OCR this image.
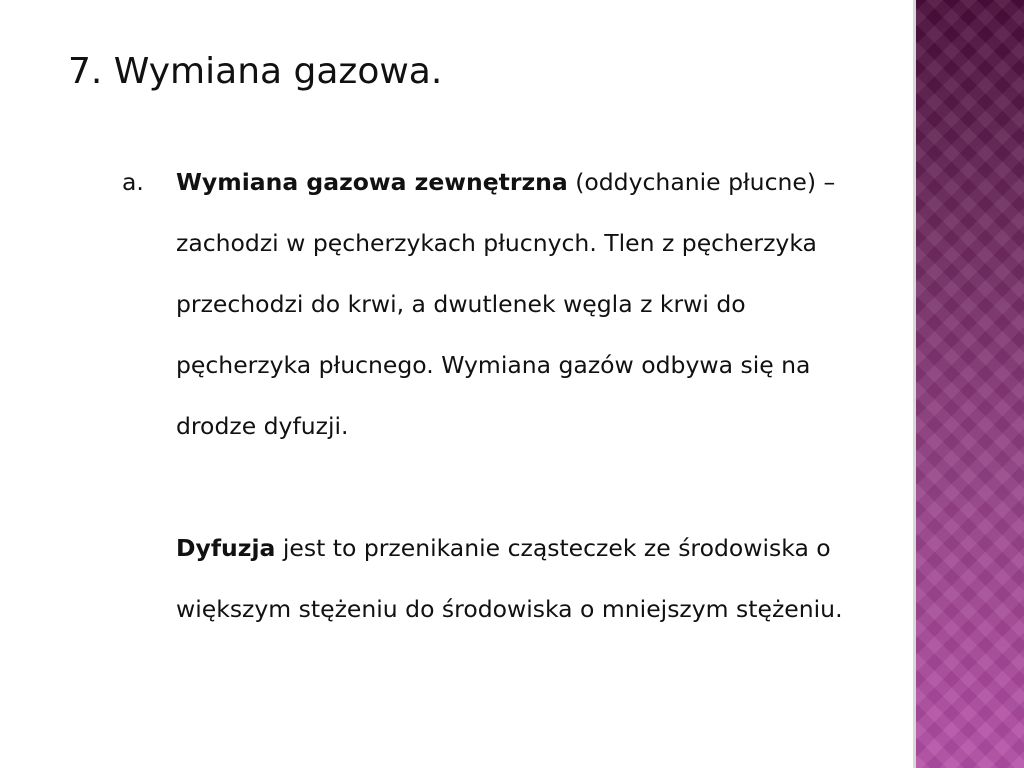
7. Wymiana gazowa.
a.	Wymiana gazowa zewnętrzna (oddychanie płucne) –
zachodzi w pęcherzykach płucnych. Tlen z pęcherzyka
przechodzi do krwi, a dwutlenek węgla z krwi do
pęcherzyka płucnego. Wymiana gazów odbywa się na
drodze dyfuzji.
Dyfuzja jest to przenikanie cząsteczek ze środowiska o
większym stężeniu do środowiska o mniejszym stężeniu.
